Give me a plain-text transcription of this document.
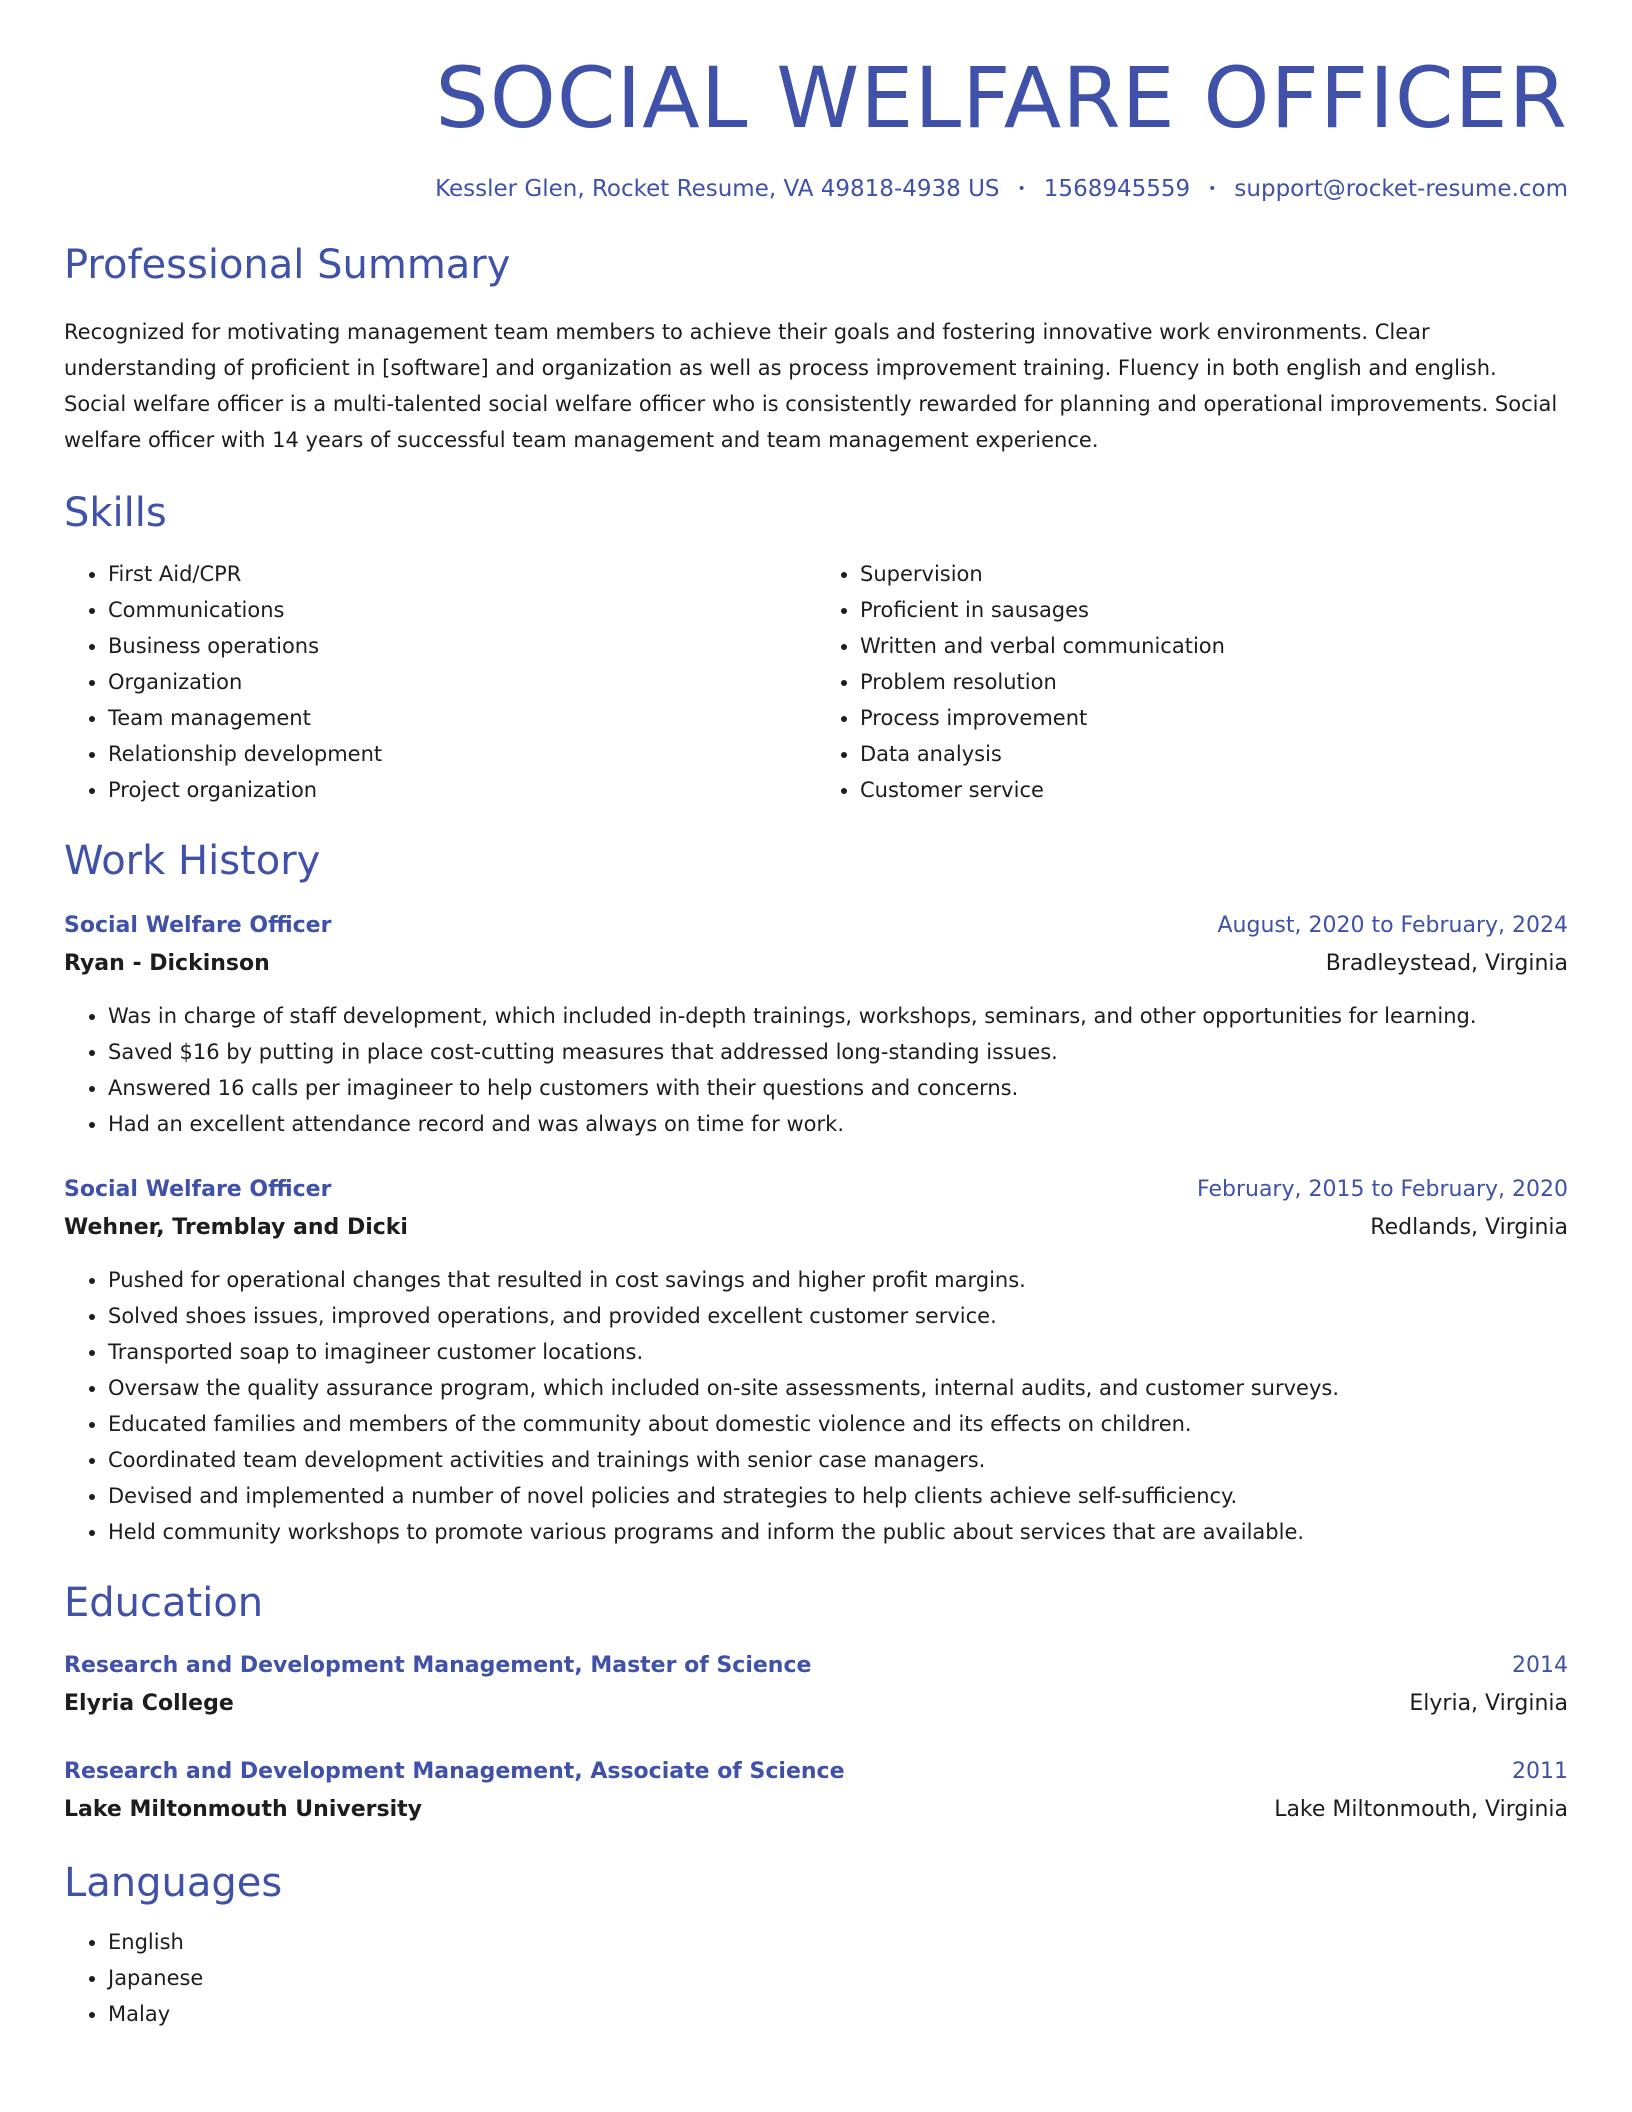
SOCIAL WELFARE OFFICER
Kessler Glen, Rocket Resume, VA 49818-4938 US • 1568945559 • support@rocket-resume.com
Professional Summary
Recognized for motivating management team members to achieve their goals and fostering innovative work environments. Clear understanding of proficient in [software] and organization as well as process improvement training. Fluency in both english and english. Social welfare officer is a multi-talented social welfare officer who is consistently rewarded for planning and operational improvements. Social welfare officer with 14 years of successful team management and team management experience.
Skills
• First Aid/CPR
• Communications
• Business operations
• Organization
• Team management
• Relationship development
• Project organization
• Supervision
• Proficient in sausages
• Written and verbal communication
• Problem resolution
• Process improvement
• Data analysis
• Customer service
Work History
Social Welfare Officer	August, 2020 to February, 2024
Ryan - Dickinson	Bradleystead, Virginia
• Was in charge of staff development, which included in-depth trainings, workshops, seminars, and other opportunities for learning.
• Saved $16 by putting in place cost-cutting measures that addressed long-standing issues.
• Answered 16 calls per imagineer to help customers with their questions and concerns.
• Had an excellent attendance record and was always on time for work.
Social Welfare Officer	February, 2015 to February, 2020
Wehner, Tremblay and Dicki	Redlands, Virginia
• Pushed for operational changes that resulted in cost savings and higher profit margins.
• Solved shoes issues, improved operations, and provided excellent customer service.
• Transported soap to imagineer customer locations.
• Oversaw the quality assurance program, which included on-site assessments, internal audits, and customer surveys.
• Educated families and members of the community about domestic violence and its effects on children.
• Coordinated team development activities and trainings with senior case managers.
• Devised and implemented a number of novel policies and strategies to help clients achieve self-sufficiency.
• Held community workshops to promote various programs and inform the public about services that are available.
Education
Research and Development Management, Master of Science	2014
Elyria College	Elyria, Virginia
Research and Development Management, Associate of Science	2011
Lake Miltonmouth University	Lake Miltonmouth, Virginia
Languages
• English
• Japanese
• Malay
